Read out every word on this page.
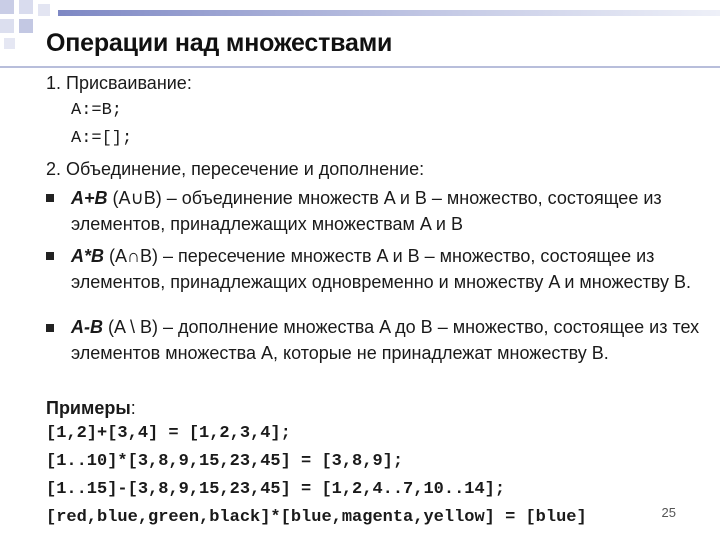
Операции над множествами
1. Присваивание:
A:=B;
A:=[];
2. Объединение, пересечение и дополнение:
A+B (A∪B) – объединение множеств A и B – множество, состоящее из элементов, принадлежащих множествам A и B
A*B (A∩B) – пересечение множеств A и B – множество, состоящее из элементов, принадлежащих одновременно и множеству A и множеству B.
A-B (A \ B) – дополнение множества A до B – множество, состоящее из тех элементов множества A, которые не принадлежат множеству B.
Примеры:
[1,2]+[3,4] = [1,2,3,4];
[1..10]*[3,8,9,15,23,45] = [3,8,9];
[1..15]-[3,8,9,15,23,45] = [1,2,4..7,10..14];
[red,blue,green,black]*[blue,magenta,yellow] = [blue]	25
